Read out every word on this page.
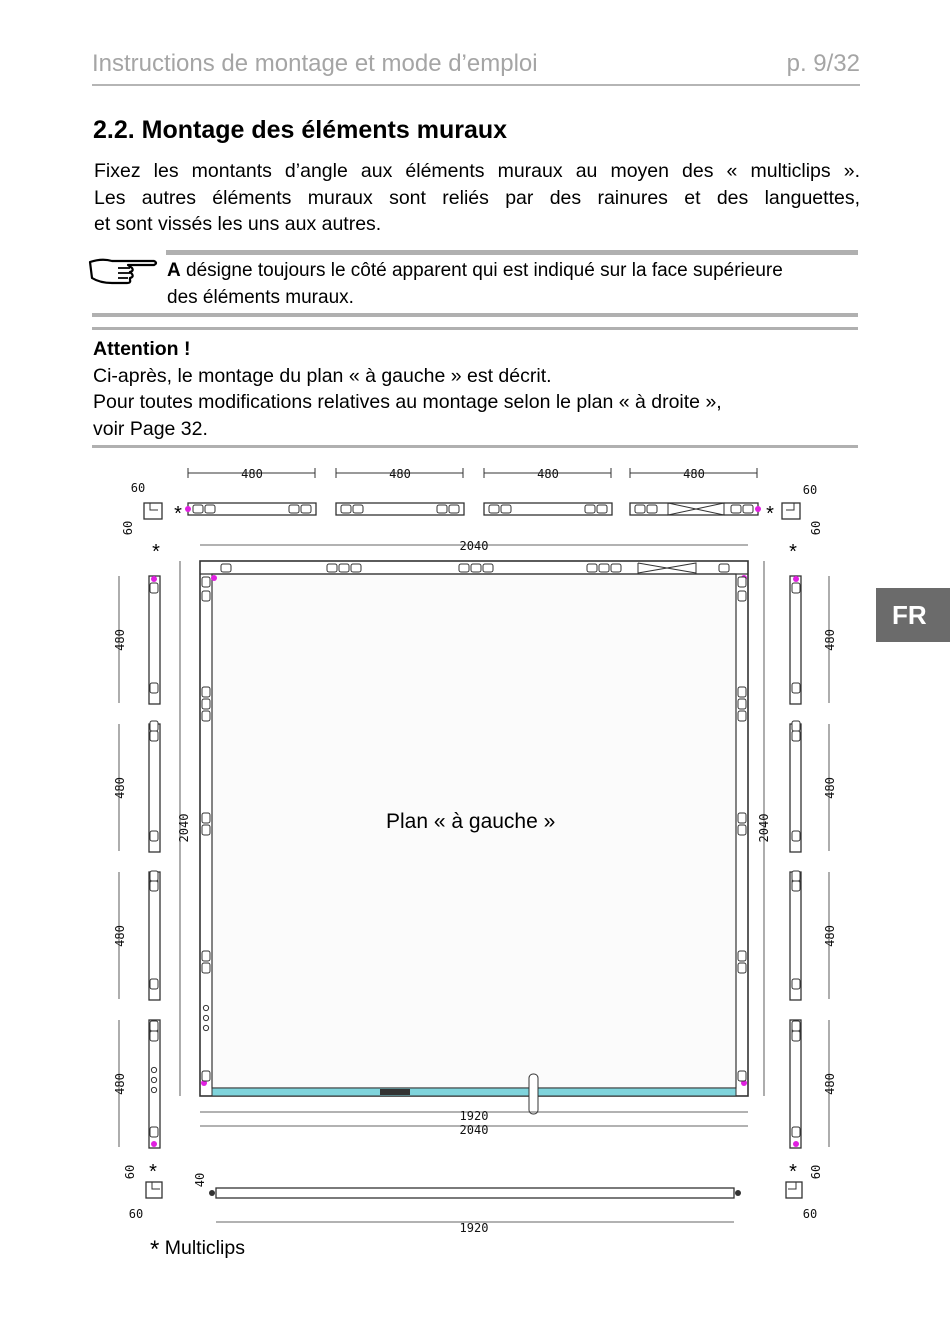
Instructions de montage et mode d’emploi	p. 9/32
2.2. Montage des éléments muraux
Fixez les montants d’angle aux éléments muraux au moyen des « multiclips ».
Les autres éléments muraux sont reliés par des rainures et des languettes,
et sont vissés les uns aux autres.
A désigne toujours le côté apparent qui est indiqué sur la face supérieure
des éléments muraux.
Attention !
Ci-après, le montage du plan « à gauche » est décrit.
Pour toutes modifications relatives au montage selon le plan « à droite »,
voir Page 32.
FR
480	480	480	480
60
60
*
60
60
*
*	*
2040
1920
2040
2040	2040
480	480
480	480
480	480
480	480
60
60
*	60
60
*
40
1920
Plan « à gauche »
* Multiclips
